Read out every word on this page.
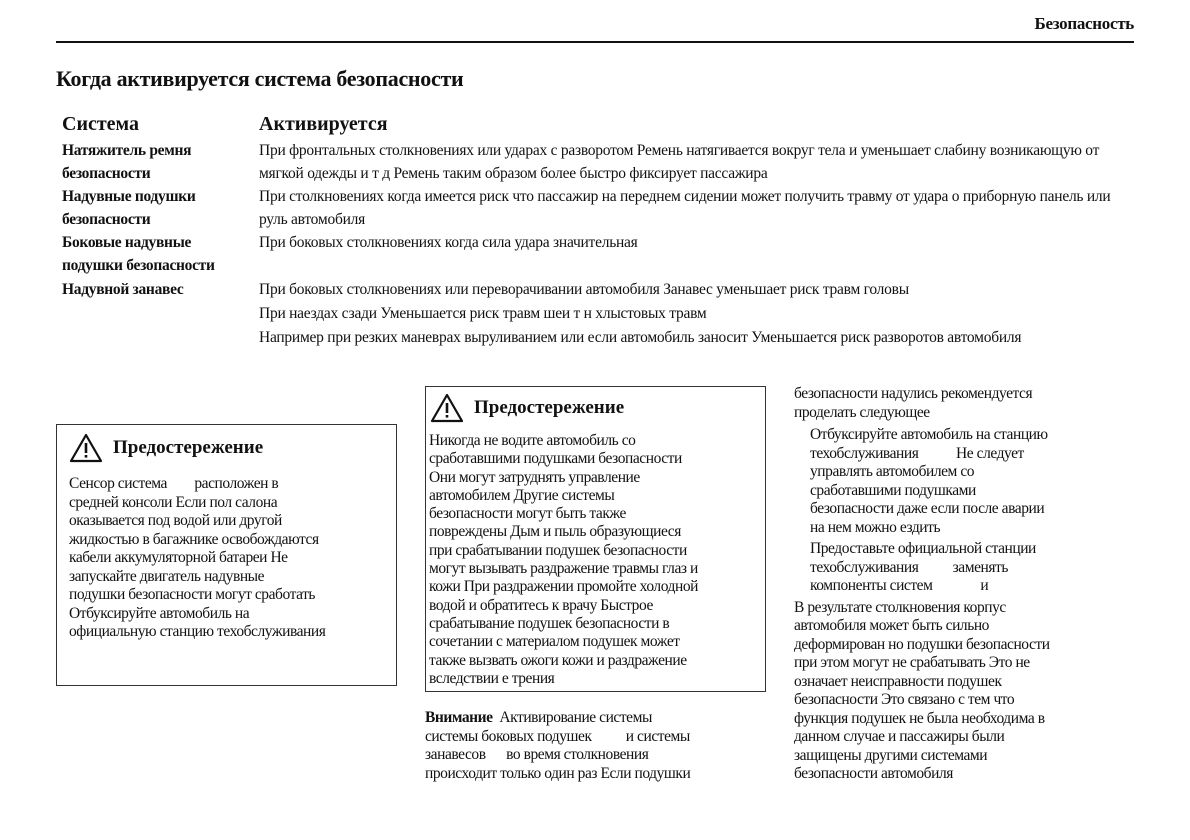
Безопасность
Когда активируется система безопасности
Система	Активируется
Натяжитель ремня
безопасности
При фронтальных столкновениях или ударах с разворотом Ремень натягивается вокруг тела и уменьшает слабину возникающую от мягкой одежды и т д Ремень таким образом более быстро фиксирует пассажира
Надувные подушки
безопасности
При столкновениях когда имеется риск что пассажир на переднем сидении может получить травму от удара о приборную панель или руль автомобиля
Боковые надувные
подушки безопасности
При боковых столкновениях когда сила удара значительная
Надувной занавес	При боковых столкновениях или переворачивании автомобиля Занавес уменьшает риск травм головы
При наездах сзади Уменьшается риск травм шеи т н хлыстовых травм
Например при резких маневрах выруливанием или если автомобиль заносит Уменьшается риск разворотов автомобиля
Предостережение
Сенсор система        расположен в
средней консоли Если пол салона
оказывается под водой или другой
жидкостью в багажнике освобождаются
кабели аккумуляторной батареи Не
запускайте двигатель надувные
подушки безопасности могут сработать
Отбуксируйте автомобиль на
официальную станцию техобслуживания
Предостережение
Никогда не водите автомобиль со
сработавшими подушками безопасности
Они могут затруднять управление
автомобилем Другие системы
безопасности могут быть также
повреждены Дым и пыль образующиеся
при срабатывании подушек безопасности
могут вызывать раздражение травмы глаз и
кожи При раздражении промойте холодной
водой и обратитесь к врачу Быстрое
срабатывание подушек безопасности в
сочетании с материалом подушек может
также вызвать ожоги кожи и раздражение
вследствии е трения
Внимание  Активирование системы
системы боковых подушек          и системы
занавесов      во время столкновения
происходит только один раз Если подушки
безопасности надулись рекомендуется
проделать следующее
Отбуксируйте автомобиль на станцию
техобслуживания           Не следует
управлять автомобилем со
сработавшими подушками
безопасности даже если после аварии
на нем можно ездить
Предоставьте официальной станции
техобслуживания          заменять
компоненты систем              и
В результате столкновения корпус
автомобиля может быть сильно
деформирован но подушки безопасности
при этом могут не срабатывать Это не
означает неисправности подушек
безопасности Это связано с тем что
функция подушек не была необходима в
данном случае и пассажиры были
защищены другими системами
безопасности автомобиля
